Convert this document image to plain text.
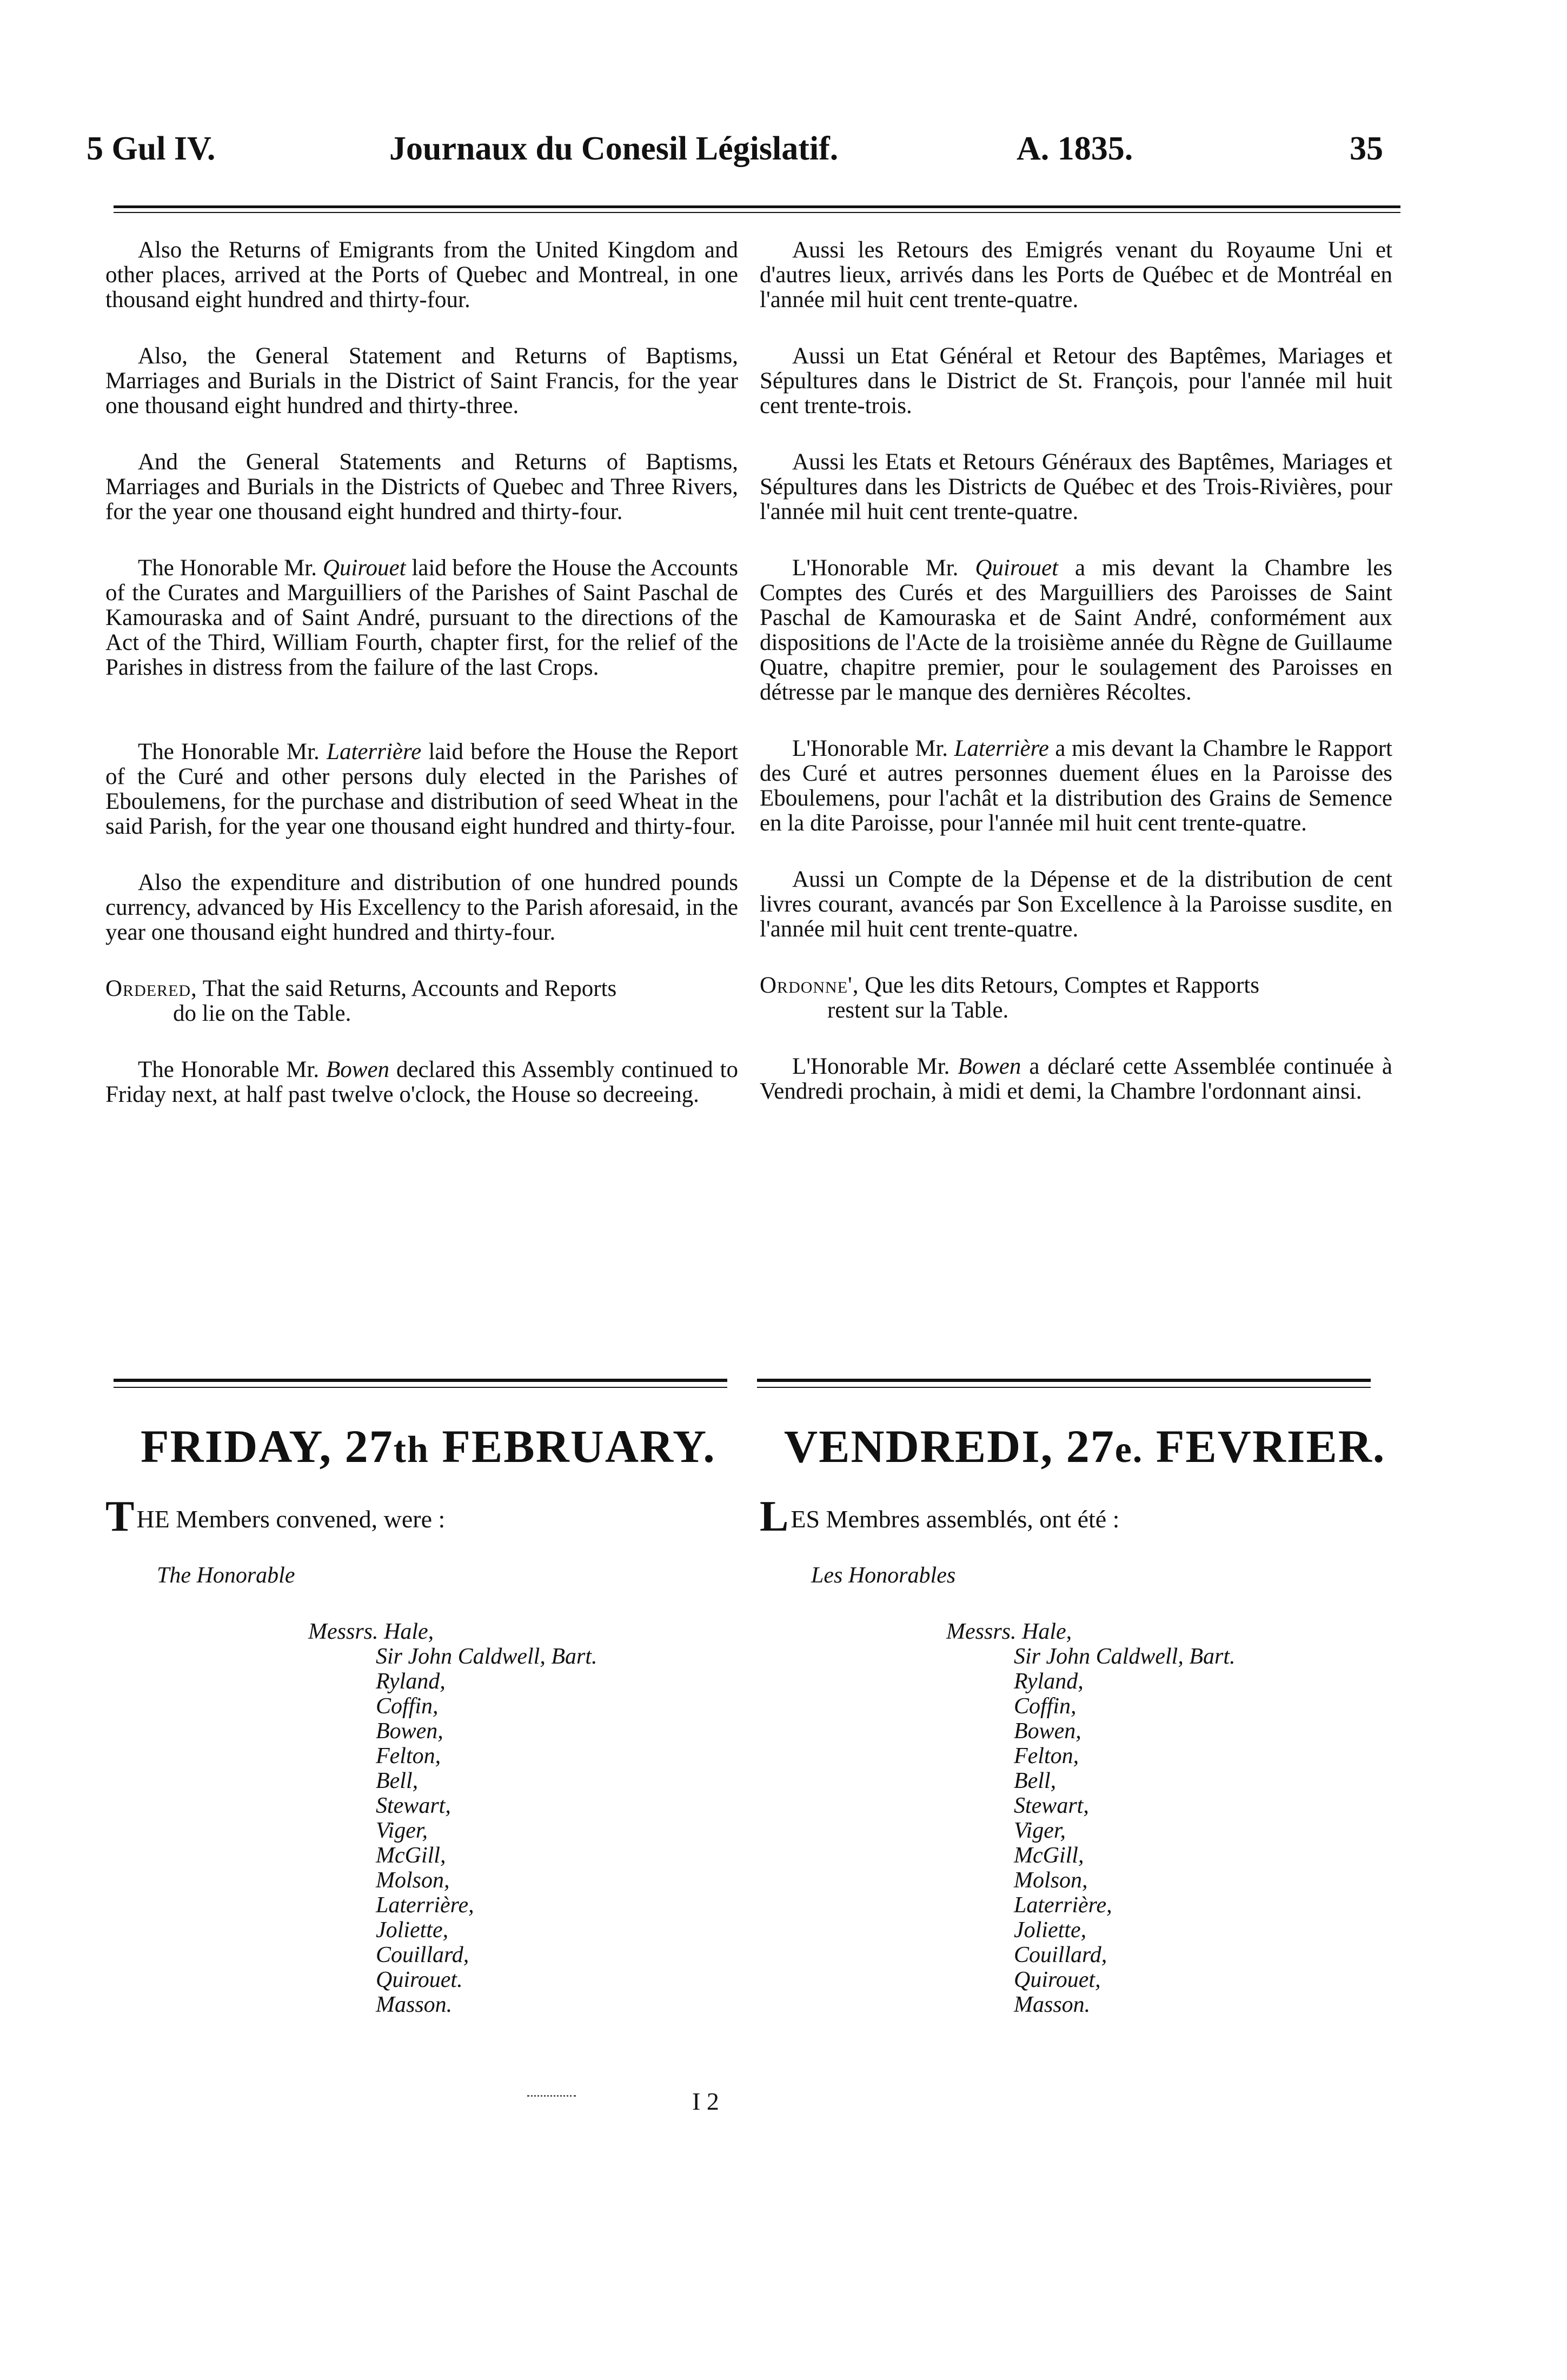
5 Gul IV.	Journaux du Conesil Législatif.	A. 1835.	35

Also the Returns of Emigrants from the United Kingdom and other places, arrived at the Ports of Quebec and Montreal, in one thousand eight hundred and thirty-four.

Also, the General Statement and Returns of Baptisms, Marriages and Burials in the District of Saint Francis, for the year one thousand eight hundred and thirty-three.

And the General Statements and Returns of Baptisms, Marriages and Burials in the Districts of Quebec and Three Rivers, for the year one thousand eight hundred and thirty-four.

The Honorable Mr. Quirouet laid before the House the Accounts of the Curates and Marguilliers of the Parishes of Saint Paschal de Kamouraska and of Saint André, pursuant to the directions of the Act of the Third, William Fourth, chapter first, for the relief of the Parishes in distress from the failure of the last Crops.

The Honorable Mr. Laterrière laid before the House the Report of the Curé and other persons duly elected in the Parishes of Eboulemens, for the purchase and distribution of seed Wheat in the said Parish, for the year one thousand eight hundred and thirty-four.

Also the expenditure and distribution of one hundred pounds currency, advanced by His Excellency to the Parish aforesaid, in the year one thousand eight hundred and thirty-four.

Ordered, That the said Returns, Accounts and Reports

do lie on the Table.

The Honorable Mr. Bowen declared this Assembly continued to Friday next, at half past twelve o'clock, the House so decreeing.

Aussi les Retours des Emigrés venant du Royaume Uni et d'autres lieux, arrivés dans les Ports de Québec et de Montréal en l'année mil huit cent trente-quatre.

Aussi un Etat Général et Retour des Baptêmes, Mariages et Sépultures dans le District de St. François, pour l'année mil huit cent trente-trois.

Aussi les Etats et Retours Généraux des Baptêmes, Mariages et Sépultures dans les Districts de Québec et des Trois-Rivières, pour l'année mil huit cent trente-quatre.

L'Honorable Mr. Quirouet a mis devant la Chambre les Comptes des Curés et des Marguilliers des Paroisses de Saint Paschal de Kamouraska et de Saint André, conformément aux dispositions de l'Acte de la troisième année du Règne de Guillaume Quatre, chapitre premier, pour le soulagement des Paroisses en détresse par le manque des dernières Récoltes.

L'Honorable Mr. Laterrière a mis devant la Chambre le Rapport des Curé et autres personnes duement élues en la Paroisse des Eboulemens, pour l'achât et la distribution des Grains de Semence en la dite Paroisse, pour l'année mil huit cent trente-quatre.

Aussi un Compte de la Dépense et de la distribution de cent livres courant, avancés par Son Excellence à la Paroisse susdite, en l'année mil huit cent trente-quatre.

Ordonne', Que les dits Retours, Comptes et Rapports

restent sur la Table.

L'Honorable Mr. Bowen a déclaré cette Assemblée continuée à Vendredi prochain, à midi et demi, la Chambre l'ordonnant ainsi.

FRIDAY, 27th FEBRUARY. VENDREDI, 27e. FEVRIER.
THE Members convened, were :	LES Membres assemblés, ont été :
The Honorable	Les Honorables
Messrs. Hale,
Sir John Caldwell, Bart.
Ryland,
Coffin,
Bowen,
Felton,
Bell,
Stewart,
Viger,
McGill,
Molson,
Laterrière,
Joliette,
Couillard,
Quirouet.
Masson.
Messrs. Hale,
Sir John Caldwell, Bart.
Ryland,
Coffin,
Bowen,
Felton,
Bell,
Stewart,
Viger,
McGill,
Molson,
Laterrière,
Joliette,
Couillard,
Quirouet,
Masson.
I 2
